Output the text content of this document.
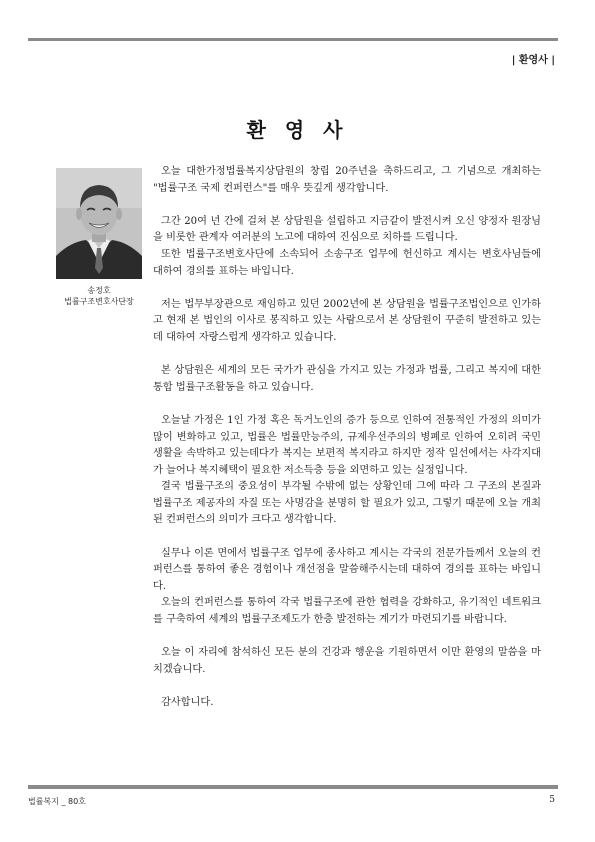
| 환영사 |
환 영 사
송정호
법률구조변호사단장

오늘 대한가정법률복지상담원의 창립 20주년을 축하드리고, 그 기념으로 개최하는 "법률구조 국제 컨퍼런스"를 매우 뜻깊게 생각합니다.

그간 20여 년 간에 걸쳐 본 상담원을 설립하고 지금같이 발전시켜 오신 양정자 원장님을 비롯한 관계자 여러분의 노고에 대하여 진심으로 치하를 드립니다.

또한 법률구조변호사단에 소속되어 소송구조 업무에 헌신하고 계시는 변호사님들에 대하여 경의를 표하는 바입니다.

저는 법무부장관으로 재임하고 있던 2002년에 본 상담원을 법률구조법인으로 인가하고 현재 본 법인의 이사로 봉직하고 있는 사람으로서 본 상담원이 꾸준히 발전하고 있는데 대하여 자랑스럽게 생각하고 있습니다.

본 상담원은 세계의 모든 국가가 관심을 가지고 있는 가정과 법률, 그리고 복지에 대한 통합 법률구조활동을 하고 있습니다.

오늘날 가정은 1인 가정 혹은 독거노인의 증가 등으로 인하여 전통적인 가정의 의미가 많이 변화하고 있고, 법률은 법률만능주의, 규제우선주의의 병폐로 인하여 오히려 국민 생활을 속박하고 있는데다가 복지는 보편적 복지라고 하지만 정작 일선에서는 사각지대가 늘어나 복지혜택이 필요한 저소득층 등을 외면하고 있는 실정입니다.

결국 법률구조의 중요성이 부각될 수밖에 없는 상황인데 그에 따라 그 구조의 본질과 법률구조 제공자의 자질 또는 사명감을 분명히 할 필요가 있고, 그렇기 때문에 오늘 개최된 컨퍼런스의 의미가 크다고 생각합니다.

실무나 이론 면에서 법률구조 업무에 종사하고 계시는 각국의 전문가들께서 오늘의 컨퍼런스를 통하여 좋은 경험이나 개선점을 말씀해주시는데 대하여 경의를 표하는 바입니다.

오늘의 컨퍼런스를 통하여 각국 법률구조에 관한 협력을 강화하고, 유기적인 네트워크를 구축하여 세계의 법률구조제도가 한층 발전하는 계기가 마련되기를 바랍니다.

오늘 이 자리에 참석하신 모든 분의 건강과 행운을 기원하면서 이만 환영의 말씀을 마치겠습니다.

감사합니다.

법률복지 _ 80호	5
